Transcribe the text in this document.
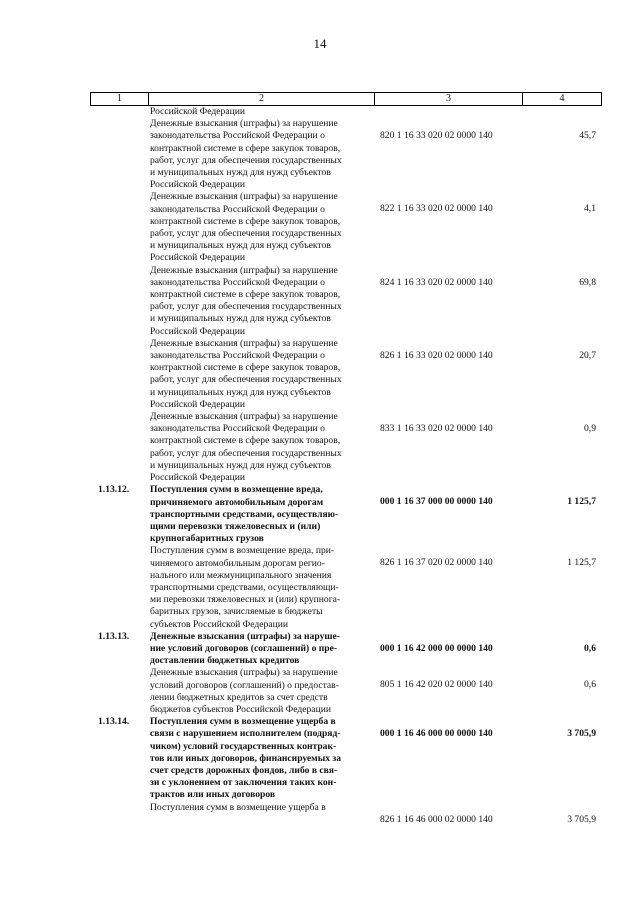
14
1	2	3	4
Российской Федерации
Денежные взыскания (штрафы) за нарушение
законодательства Российской Федерации о
контрактной системе в сфере закупок товаров,
работ, услуг для обеспечения государственных
и муниципальных нужд для нужд субъектов
Российской Федерации
820 1 16 33 020 02 0000 140	45,7
Денежные взыскания (штрафы) за нарушение
законодательства Российской Федерации о
контрактной системе в сфере закупок товаров,
работ, услуг для обеспечения государственных
и муниципальных нужд для нужд субъектов
Российской Федерации
822 1 16 33 020 02 0000 140	4,1
Денежные взыскания (штрафы) за нарушение
законодательства Российской Федерации о
контрактной системе в сфере закупок товаров,
работ, услуг для обеспечения государственных
и муниципальных нужд для нужд субъектов
Российской Федерации
824 1 16 33 020 02 0000 140	69,8
Денежные взыскания (штрафы) за нарушение
законодательства Российской Федерации о
контрактной системе в сфере закупок товаров,
работ, услуг для обеспечения государственных
и муниципальных нужд для нужд субъектов
Российской Федерации
826 1 16 33 020 02 0000 140	20,7
Денежные взыскания (штрафы) за нарушение
законодательства Российской Федерации о
контрактной системе в сфере закупок товаров,
работ, услуг для обеспечения государственных
и муниципальных нужд для нужд субъектов
Российской Федерации
833 1 16 33 020 02 0000 140	0,9
1.13.12.	Поступления сумм в возмещение вреда,
причиняемого автомобильным дорогам
транспортными средствами, осуществляю-
щими перевозки тяжеловесных и (или)
крупногабаритных грузов
000 1 16 37 000 00 0000 140	1 125,7
Поступления сумм в возмещение вреда, при-
чиняемого автомобильным дорогам регио-
нального или межмуниципального значения
транспортными средствами, осуществляющи-
ми перевозки тяжеловесных и (или) крупнога-
баритных грузов, зачисляемые в бюджеты
субъектов Российской Федерации
826 1 16 37 020 02 0000 140	1 125,7
1.13.13.	Денежные взыскания (штрафы) за наруше-
ние условий договоров (соглашений) о пре-
доставлении бюджетных кредитов
000 1 16 42 000 00 0000 140	0,6
Денежные взыскания (штрафы) за нарушение
условий договоров (соглашений) о предостав-
лении бюджетных кредитов за счет средств
бюджетов субъектов Российской Федерации
805 1 16 42 020 02 0000 140	0,6
1.13.14.	Поступления сумм в возмещение ущерба в
связи с нарушением исполнителем (подряд-
чиком) условий государственных контрак-
тов или иных договоров, финансируемых за
счет средств дорожных фондов, либо в свя-
зи с уклонением от заключения таких кон-
трактов или иных договоров
000 1 16 46 000 00 0000 140	3 705,9
Поступления сумм в возмещение ущерба в
826 1 16 46 000 02 0000 140	3 705,9
